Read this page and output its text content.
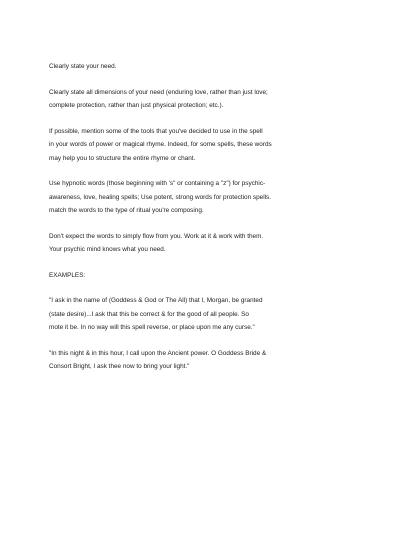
Clearly state your need.
Clearly state all dimensions of your need (enduring love, rather than just love;
complete protection, rather than just physical protection; etc.).
If possible, mention some of the tools that you've decided to use in the spell
in your words of power or magical rhyme. Indeed, for some spells, these words
may help you to structure the entire rhyme or chant.
Use hypnotic words (those beginning with 's" or containing a "z") for psychic-
awareness, love, healing spells; Use potent, strong words for protection spells.
match the words to the type of ritual you're composing.
Don't expect the words to simply flow from you. Work at it & work with them.
Your psychic mind knows what you need.
EXAMPLES:
"I ask in the name of (Goddess & God or The All) that I, Morgan, be granted
(state desire)...I ask that this be correct & for the good of all people. So
mote it be. In no way will this spell reverse, or place upon me any curse."
"In this night & in this hour, I call upon the Ancient power. O Goddess Bride &
Consort Bright, I ask thee now to bring your light."
